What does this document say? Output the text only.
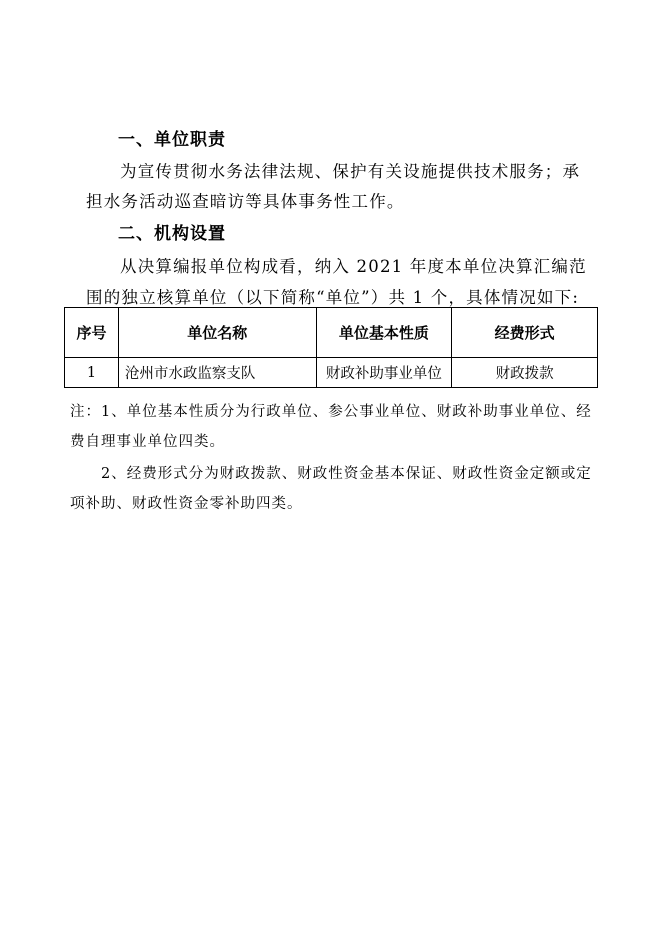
一、单位职责
为宣传贯彻水务法律法规、保护有关设施提供技术服务；承
担水务活动巡查暗访等具体事务性工作。
二、机构设置
从决算编报单位构成看，纳入 2021 年度本单位决算汇编范
围的独立核算单位（以下简称“单位”）共 1 个，具体情况如下:
序号	单位名称	单位基本性质	经费形式
1	沧州市水政监察支队	财政补助事业单位	财政拨款
注：1、单位基本性质分为行政单位、参公事业单位、财政补助事业单位、经
费自理事业单位四类。
2、经费形式分为财政拨款、财政性资金基本保证、财政性资金定额或定
项补助、财政性资金零补助四类。
